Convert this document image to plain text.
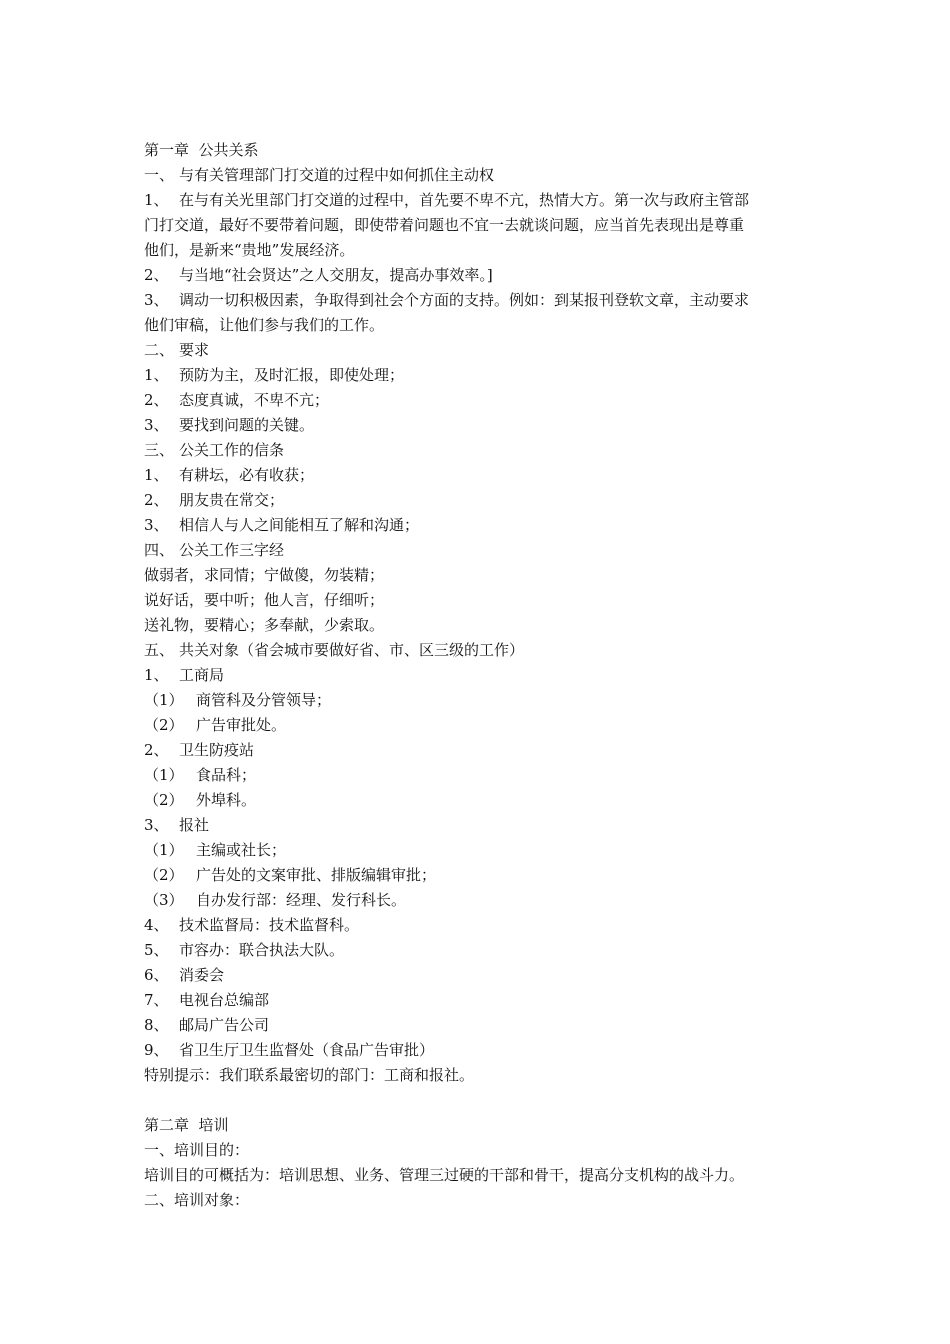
第一章  公共关系

一、 与有关管理部门打交道的过程中如何抓住主动权

1、 在与有关光里部门打交道的过程中，首先要不卑不亢，热情大方。第一次与政府主管部

门打交道，最好不要带着问题，即使带着问题也不宜一去就谈问题，应当首先表现出是尊重

他们，是新来“贵地”发展经济。

2、 与当地“社会贤达”之人交朋友，提高办事效率。]

3、 调动一切积极因素，争取得到社会个方面的支持。例如：到某报刊登软文章，主动要求

他们审稿，让他们参与我们的工作。

二、 要求

1、 预防为主，及时汇报，即使处理；

2、 态度真诚，不卑不亢；

3、 要找到问题的关键。

三、 公关工作的信条

1、 有耕坛，必有收获；

2、 朋友贵在常交；

3、 相信人与人之间能相互了解和沟通；

四、 公关工作三字经

做弱者，求同情；宁做傻，勿装精；

说好话，要中听；他人言，仔细听；

送礼物，要精心；多奉献，少索取。

五、 共关对象（省会城市要做好省、市、区三级的工作）

1、 工商局

（1） 商管科及分管领导；

（2） 广告审批处。

2、 卫生防疫站

（1） 食品科；

（2） 外埠科。

3、 报社

（1） 主编或社长；

（2） 广告处的文案审批、排版编辑审批；

（3） 自办发行部：经理、发行科长。

4、 技术监督局：技术监督科。

5、 市容办：联合执法大队。

6、 消委会

7、 电视台总编部

8、 邮局广告公司

9、 省卫生厅卫生监督处（食品广告审批）

特别提示：我们联系最密切的部门：工商和报社。

第二章  培训

一、培训目的：

培训目的可概括为：培训思想、业务、管理三过硬的干部和骨干，提高分支机构的战斗力。

二、培训对象：
